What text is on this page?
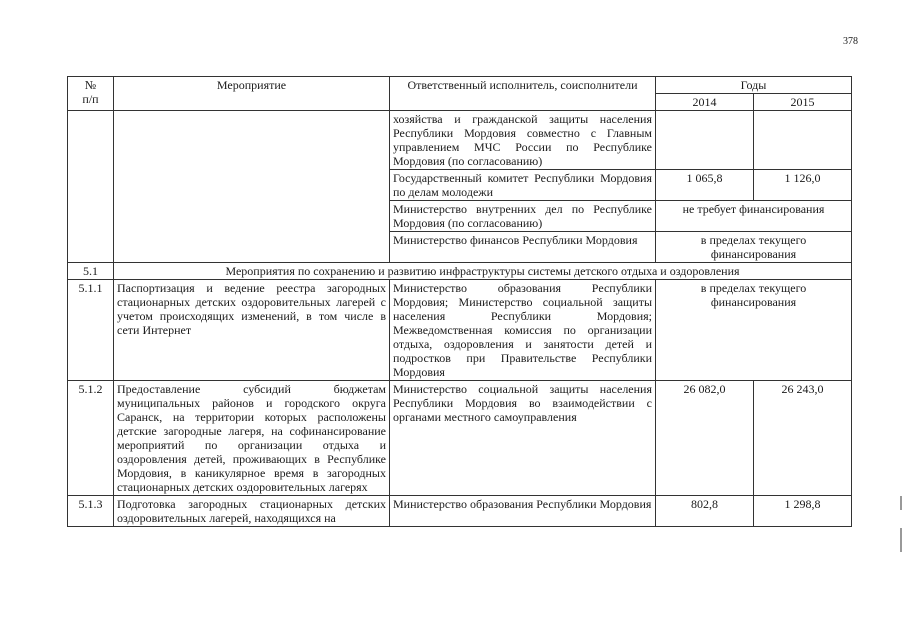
378
№
п/п	Мероприятие	Ответственный исполнитель, соисполнители	Годы	
			2014	2015
		хозяйства и гражданской защиты населения Республики Мордовия совместно с Главным управлением МЧС России по Республике Мордовия (по согласованию)		
		Государственный комитет Республики Мордовия по делам молодежи	1 065,8	1 126,0
		Министерство внутренних дел по Республике Мордовия (по согласованию)	не требует финансирования	
		Министерство финансов Республики Мордовия	в пределах текущего финансирования	
5.1	Мероприятия по сохранению и развитию инфраструктуры системы детского отдыха и оздоровления			
5.1.1	Паспортизация и ведение реестра загородных стационарных детских оздоровительных лагерей с учетом происходящих изменений, в том числе в сети Интернет	Министерство образования Республики Мордовия; Министерство социальной защиты населения Республики Мордовия; Межведомственная комиссия по организации отдыха, оздоровления и занятости детей и подростков при Правительстве Республики Мордовия	в пределах текущего финансирования	
5.1.2	Предоставление субсидий бюджетам муниципальных районов и городского округа Саранск, на территории которых расположены детские загородные лагеря, на софинансирование мероприятий по организации отдыха и оздоровления детей, проживающих в Республике Мордовия, в каникулярное время в загородных стационарных детских оздоровительных лагерях	Министерство социальной защиты населения Республики Мордовия во взаимодействии с органами местного самоуправления	26 082,0	26 243,0
5.1.3	Подготовка загородных стационарных детских оздоровительных лагерей, находящихся на	Министерство образования Республики Мордовия	802,8	1 298,8
